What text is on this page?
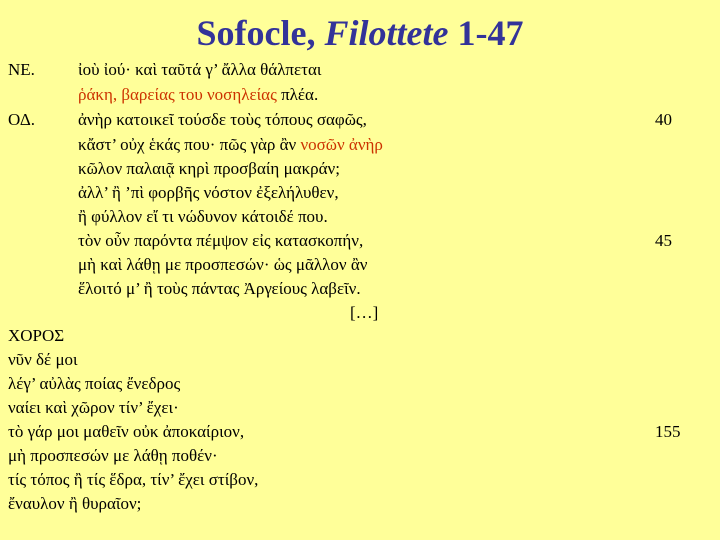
Sofocle, Filottete 1-47
ΝΕ.	ἰοὺ ἰού· καὶ ταῦτά γ’ ἄλλα θάλπεται
ῥάκη, βαρείας του νοσηλείας πλέα.
ΟΔ.	ἀνὴρ κατοικεῖ τούσδε τοὺς τόπους σαφῶς,	40
κἄστ’ οὐχ ἑκάς που· πῶς γὰρ ἂν νοσῶν ἀνὴρ
κῶλον παλαιᾷ κηρὶ προσβαίη μακράν;
ἀλλ’ ἢ ’πὶ φορβῆς νόστον ἐξελήλυθεν,
ἢ φύλλον εἴ τι νώδυνον κάτοιδέ που.
τὸν οὖν παρόντα πέμψον εἰς κατασκοπήν,	45
μὴ καὶ λάθῃ με προσπεσών· ὡς μᾶλλον ἂν
ἕλοιτό μ’ ἢ τοὺς πάντας Ἀργείους λαβεῖν.
[…]
ΧΟΡΟΣ
νῦν δέ μοι
λέγ’ αὐλὰς ποίας ἔνεδρος
ναίει καὶ χῶρον τίν’ ἔχει·
τὸ γάρ μοι μαθεῖν οὐκ ἀποκαίριον,	155
μὴ προσπεσών με λάθῃ ποθέν·
τίς τόπος ἢ τίς ἕδρα, τίν’ ἔχει στίβον,
ἔναυλον ἢ θυραῖον;
